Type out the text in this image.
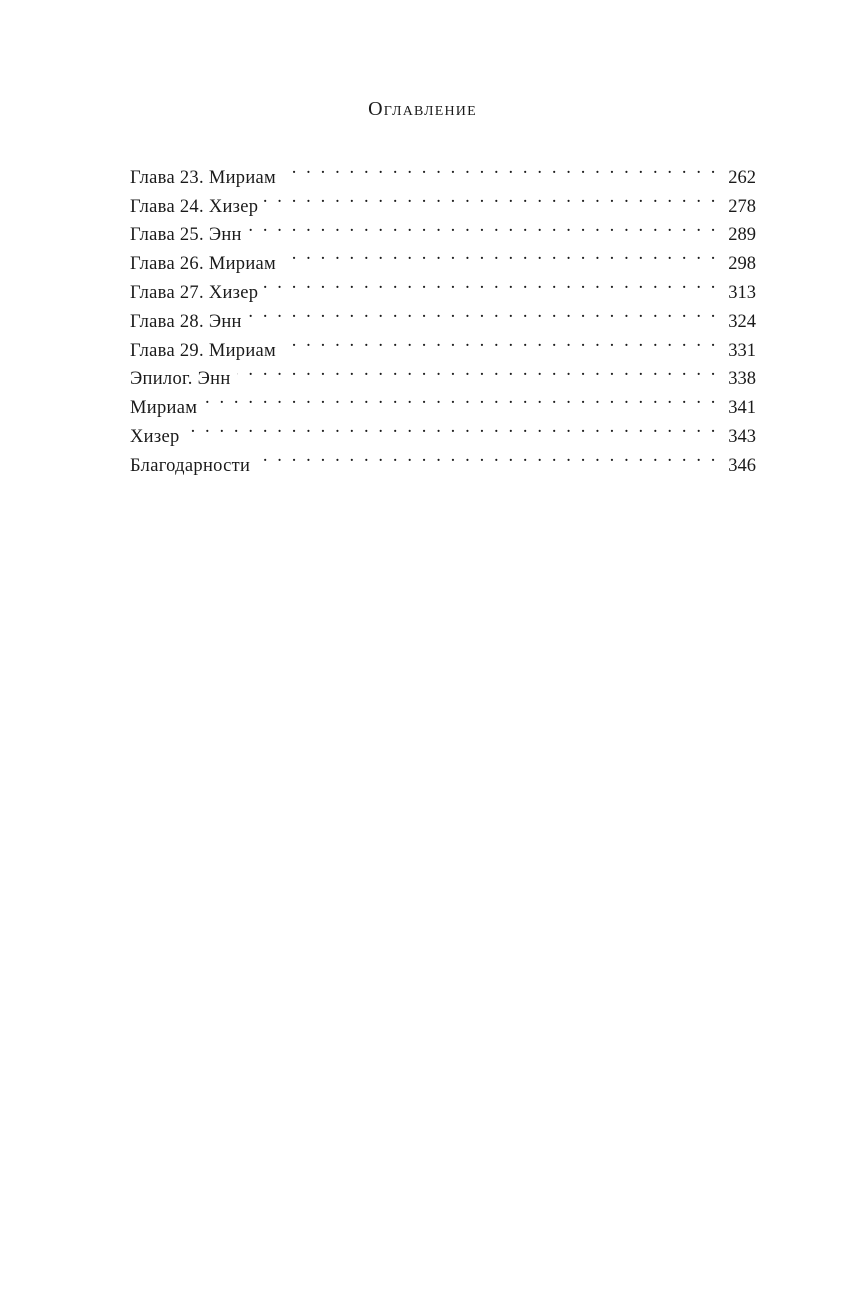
Оглавление
Глава 23. Мириам . . .	262
Глава 24. Хизер . . .	278
Глава 25. Энн . . .	289
Глава 26. Мириам . . .	298
Глава 27. Хизер . . .	313
Глава 28. Энн . . .	324
Глава 29. Мириам . . .	331
Эпилог. Энн . . .	338
Мириам . . .	341
Хизер . . .	343
Благодарности . . .	346
